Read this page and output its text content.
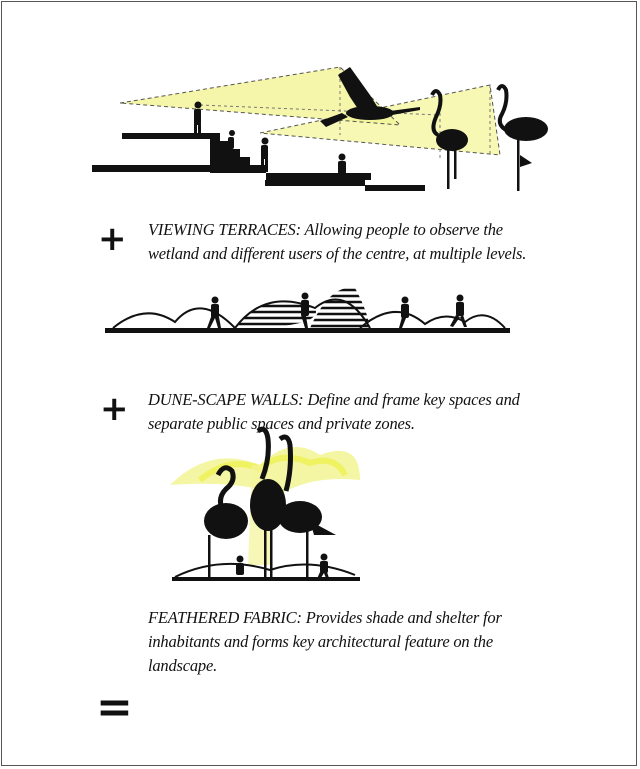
+ VIEWING TERRACES: Allowing people to observe the wetland and different users of the centre, at multiple levels.
+ DUNE-SCAPE WALLS: Define and frame key spaces and separate public spaces and private zones.
FEATHERED FABRIC: Provides shade and shelter for inhabitants and forms key architectural feature on the landscape.
=
